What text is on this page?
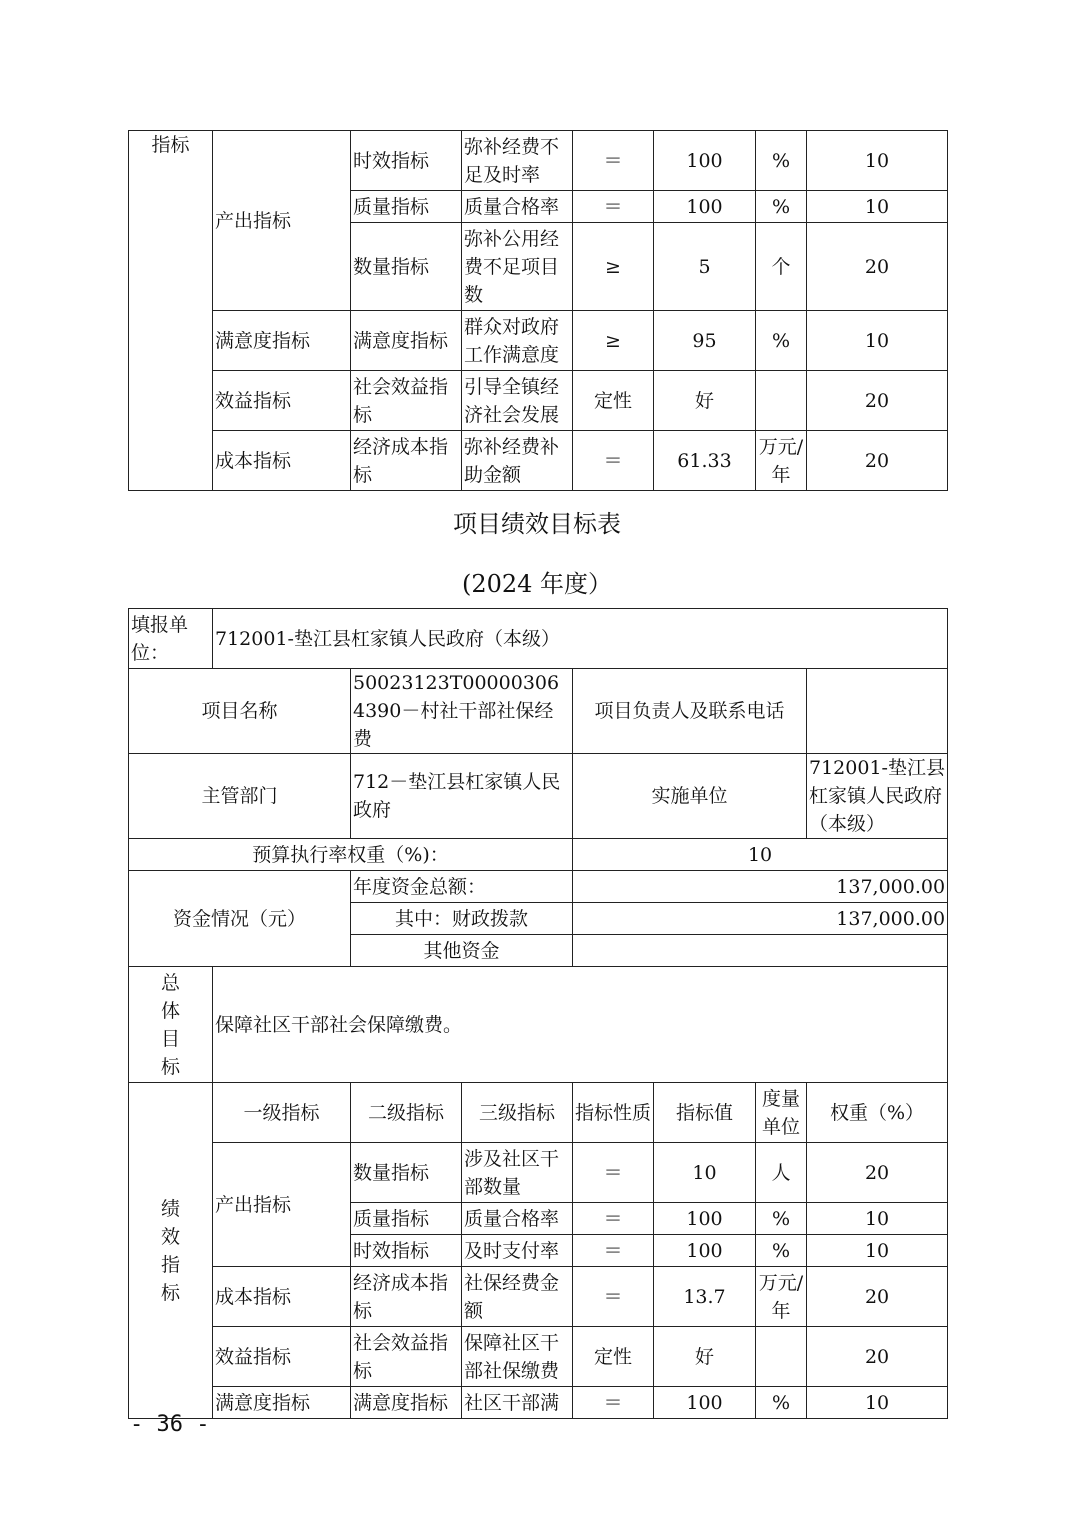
指标	产出指标	时效指标	弥补经费不足及时率	＝	100	%	10
		质量指标	质量合格率	＝	100	%	10
		数量指标	弥补公用经费不足项目数	≥	5	个	20
	满意度指标	满意度指标	群众对政府工作满意度	≥	95	%	10
	效益指标	社会效益指标	引导全镇经济社会发展	定性	好		20
	成本指标	经济成本指标	弥补经费补助金额	＝	61.33	万元/年	20
项目绩效目标表
(2024 年度）
填报单位：	712001-垫江县杠家镇人民政府（本级）						
项目名称		50023123T000003064390－村社干部社保经费		项目负责人及联系电话			
主管部门		712－垫江县杠家镇人民政府		实施单位			712001-垫江县杠家镇人民政府（本级）
预算执行率权重（%)：				10			
资金情况（元）		年度资金总额：		137,000.00			
		其中：财政拨款		137,000.00			
		其他资金					
总体目标	保障社区干部社会保障缴费。						
绩效指标	一级指标	二级指标	三级指标	指标性质	指标值	度量单位	权重（%）
	产出指标	数量指标	涉及社区干部数量	＝	10	人	20
		质量指标	质量合格率	＝	100	%	10
		时效指标	及时支付率	＝	100	%	10
	成本指标	经济成本指标	社保经费金额	＝	13.7	万元/年	20
	效益指标	社会效益指标	保障社区干部社保缴费	定性	好		20
	满意度指标	满意度指标	社区干部满	＝	100	%	10
- 36 -
